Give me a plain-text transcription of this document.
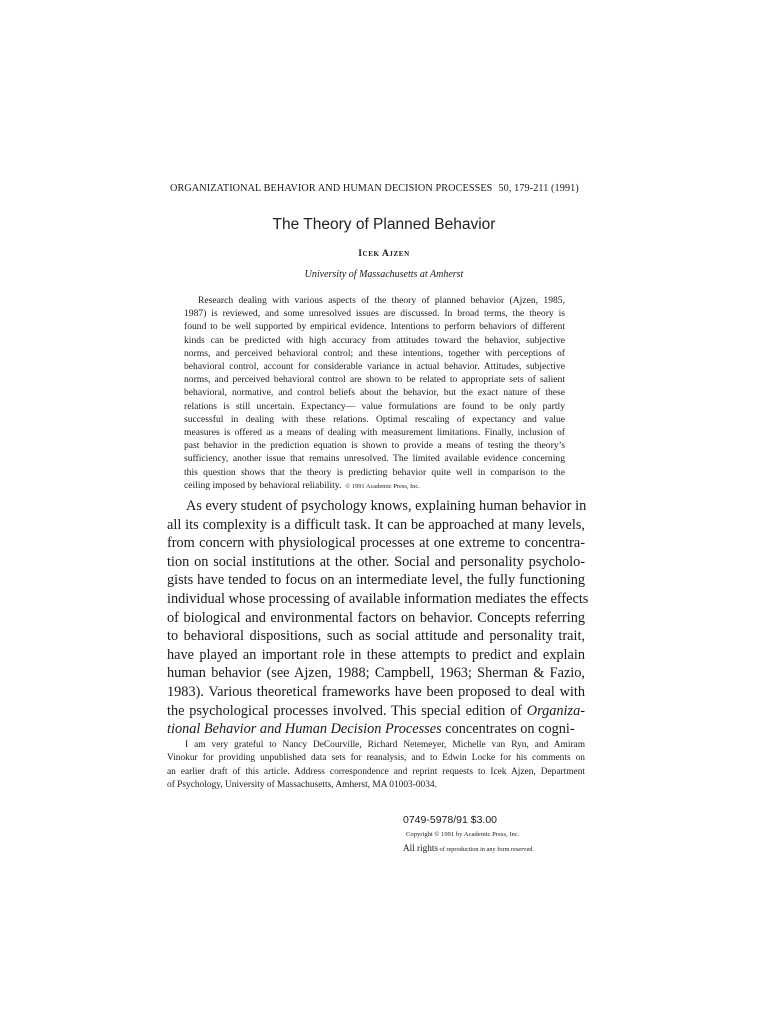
ORGANIZATIONAL BEHAVIOR AND HUMAN DECISION PROCESSES 50, 179-211 (1991)
The Theory of Planned Behavior
Icek Ajzen
University of Massachusetts at Amherst
Research dealing with various aspects of the theory of planned behavior (Ajzen, 1985,
1987) is reviewed, and some unresolved issues are discussed. In broad terms, the theory is
found to be well supported by empirical evidence. Intentions to perform behaviors of different
kinds can be predicted with high accuracy from attitudes toward the behavior, subjective
norms, and perceived behavioral control; and these intentions, together with perceptions of
behavioral control, account for considerable variance in actual behavior. Attitudes, subjective
norms, and perceived behavioral control are shown to be related to appropriate sets of salient
behavioral, normative, and control beliefs about the behavior, but the exact nature of these
relations is still uncertain. Expectancy— value formulations are found to be only partly
successful in dealing with these relations. Optimal rescaling of expectancy and value
measures is offered as a means of dealing with measurement limitations. Finally, inclusion of
past behavior in the prediction equation is shown to provide a means of testing the theory’s
sufficiency, another issue that remains unresolved. The limited available evidence concerning
this question shows that the theory is predicting behavior quite well in comparison to the
ceiling imposed by behavioral reliability. © 1991 Academic Press, Inc.
As every student of psychology knows, explaining human behavior in
all its complexity is a difficult task. It can be approached at many levels,
from concern with physiological processes at one extreme to concentra-
tion on social institutions at the other. Social and personality psycholo-
gists have tended to focus on an intermediate level, the fully functioning
individual whose processing of available information mediates the effects
of biological and environmental factors on behavior. Concepts referring
to behavioral dispositions, such as social attitude and personality trait,
have played an important role in these attempts to predict and explain
human behavior (see Ajzen, 1988; Campbell, 1963; Sherman & Fazio,
1983). Various theoretical frameworks have been proposed to deal with
the psychological processes involved. This special edition of Organiza-
tional Behavior and Human Decision Processes concentrates on cogni-
I am very grateful to Nancy DeCourville, Richard Netemeyer, Michelle van Ryn, and Amiram
Vinokur for providing unpublished data sets for reanalysis, and to Edwin Locke for his comments on
an earlier draft of this article. Address correspondence and reprint requests to Icek Ajzen, Department
of Psychology, University of Massachusetts, Amherst, MA 01003-0034.
0749-5978/91 $3.00
Copyright © 1991 by Academic Press, Inc.
All rights of reproduction in any form reserved.
